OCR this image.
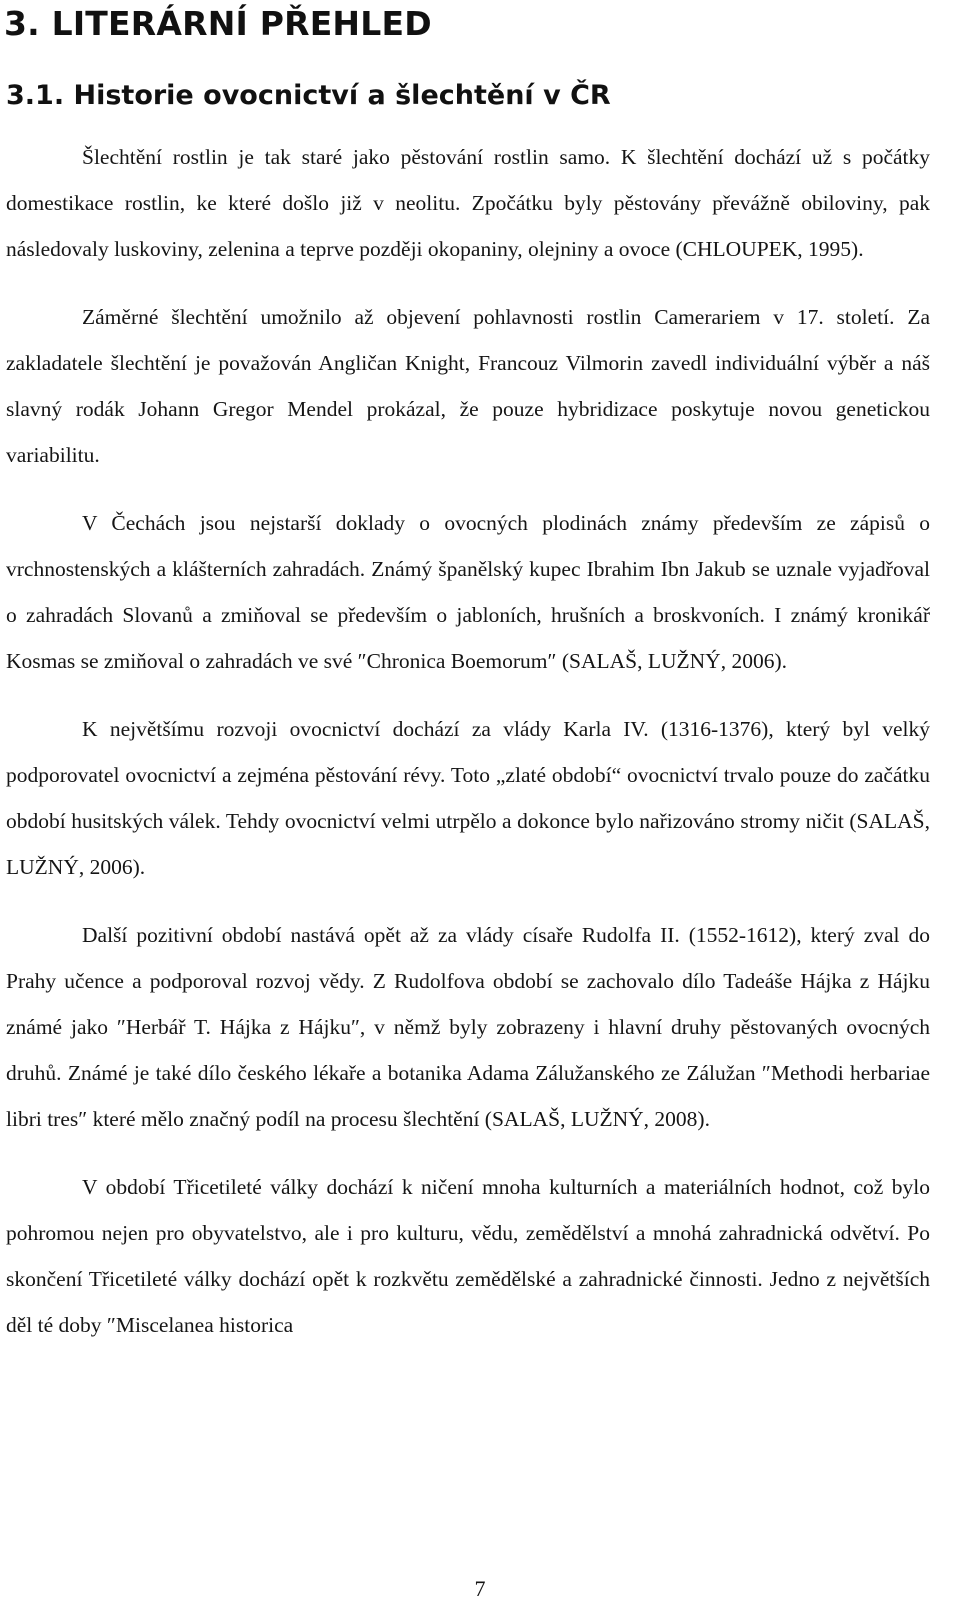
3. LITERÁRNÍ PŘEHLED
3.1. Historie ovocnictví a šlechtění v ČR

Šlechtění rostlin je tak staré jako pěstování rostlin samo. K šlechtění dochází už s počátky domestikace rostlin, ke které došlo již v neolitu. Zpočátku byly pěstovány převážně obiloviny, pak následovaly luskoviny, zelenina a teprve později okopaniny, olejniny a ovoce (CHLOUPEK, 1995).

Záměrné šlechtění umožnilo až objevení pohlavnosti rostlin Camerariem v 17. století. Za zakladatele šlechtění je považován Angličan Knight, Francouz Vilmorin zavedl individuální výběr a náš slavný rodák Johann Gregor Mendel prokázal, že pouze hybridizace poskytuje novou genetickou variabilitu.

V Čechách jsou nejstarší doklady o ovocných plodinách známy především ze zápisů o vrchnostenských a klášterních zahradách. Známý španělský kupec Ibrahim Ibn Jakub se uznale vyjadřoval o zahradách Slovanů a zmiňoval se především o jabloních, hrušních a broskvoních. I známý kronikář Kosmas se zmiňoval o zahradách ve své ″Chronica Boemorum″ (SALAŠ, LUŽNÝ, 2006).

K největšímu rozvoji ovocnictví dochází za vlády Karla IV. (1316-1376), který byl velký podporovatel ovocnictví a zejména pěstování révy. Toto „zlaté období“ ovocnictví trvalo pouze do začátku období husitských válek. Tehdy ovocnictví velmi utrpělo a dokonce bylo nařizováno stromy ničit (SALAŠ, LUŽNÝ, 2006).

Další pozitivní období nastává opět až za vlády císaře Rudolfa II. (1552-1612), který zval do Prahy učence a podporoval rozvoj vědy. Z Rudolfova období se zachovalo dílo Tadeáše Hájka z Hájku známé jako ″Herbář T. Hájka z Hájku″, v němž byly zobrazeny i hlavní druhy pěstovaných ovocných druhů. Známé je také dílo českého lékaře a botanika Adama Zálužanského ze Zálužan ″Methodi herbariae libri tres″ které mělo značný podíl na procesu šlechtění (SALAŠ, LUŽNÝ, 2008).

V období Třicetileté války dochází k ničení mnoha kulturních a materiálních hodnot, což bylo pohromou nejen pro obyvatelstvo, ale i pro kulturu, vědu, zemědělství a mnohá zahradnická odvětví. Po skončení Třicetileté války dochází opět k rozkvětu zemědělské a zahradnické činnosti. Jedno z největších děl té doby ″Miscelanea historica

7
